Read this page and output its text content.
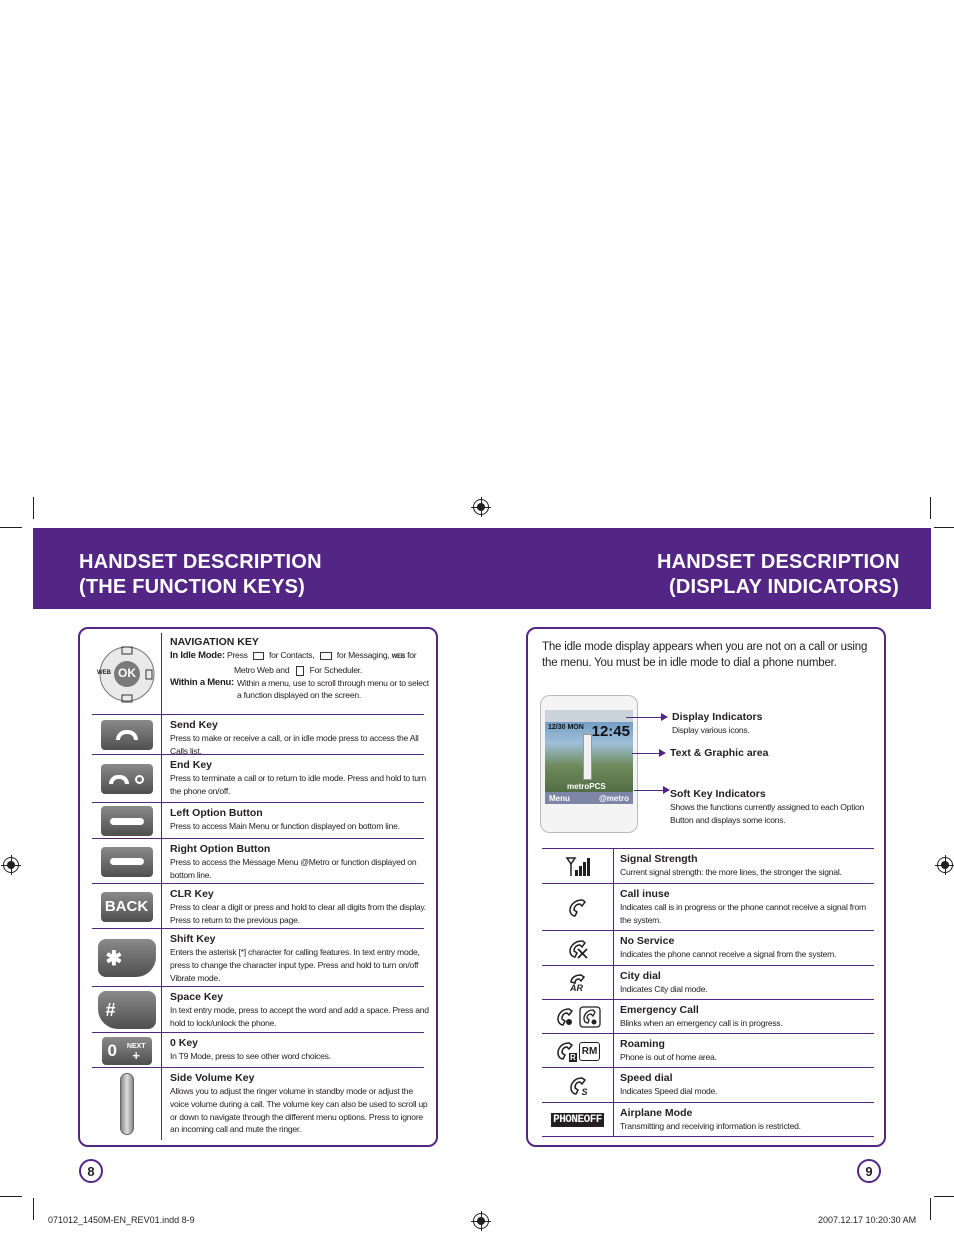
HANDSET DESCRIPTION
(THE FUNCTION KEYS)
HANDSET DESCRIPTION
(DISPLAY INDICATORS)
OK
WEB
NAVIGATION KEY
In Idle Mode: Press for Contacts,	for Messaging, WEB for
Metro Web and For Scheduler.
Within a Menu: Within a menu, use to scroll through menu or to select a function displayed on the screen.
Send Key
Press to make or receive a call, or in idle mode press to access the All Calls list.
End Key
Press to terminate a call or to return to idle mode. Press and hold to turn the phone on/off.
Left Option Button
Press to access Main Menu or function displayed on bottom line.
Right Option Button
Press to access the Message Menu @Metro or function displayed on bottom line.
BACK
CLR Key
Press to clear a digit or press and hold to clear all digits from the display. Press to return to the previous page.
✱
Shift Key
Enters the asterisk [*] character for calling features. In text entry mode, press to change the character input type. Press and hold to turn on/off Vibrate mode.
#
Space Key
In text entry mode, press to accept the word and add a space. Press and hold to lock/unlock the phone.
0 NEXT
+
0 Key
In T9 Mode, press to see other word choices.
Side Volume Key
Allows you to adjust the ringer volume in standby mode or adjust the voice volume during a call. The volume key can also be used to scroll up or down to navigate through the different menu options. Press to ignore an incoming call and mute the ringer.
The idle mode display appears when you are not on a call or using the menu. You must be in idle mode to dial a phone number.
12/30 MON 12:45
metroPCS
Menu	@metro
Display Indicators
Display various icons.
Text & Graphic area
Soft Key Indicators
Shows the functions currently assigned to each Option Button and displays some icons.
Signal Strength
Current signal strength: the more lines, the stronger the signal.
Call inuse
Indicates call is in progress or the phone cannot receive a signal from the system.
No Service
Indicates the phone cannot receive a signal from the system.
AR
City dial
Indicates City dial mode.
Emergency Call
Blinks when an emergency call is in progress.
R
RM
Roaming
Phone is out of home area.
S
Speed dial
Indicates Speed dial mode.
PHONEOFF
Airplane Mode
Transmitting and receiving information is restricted.
8	9
071012_1450M-EN_REV01.indd 8-9	2007.12.17 10:20:30 AM
